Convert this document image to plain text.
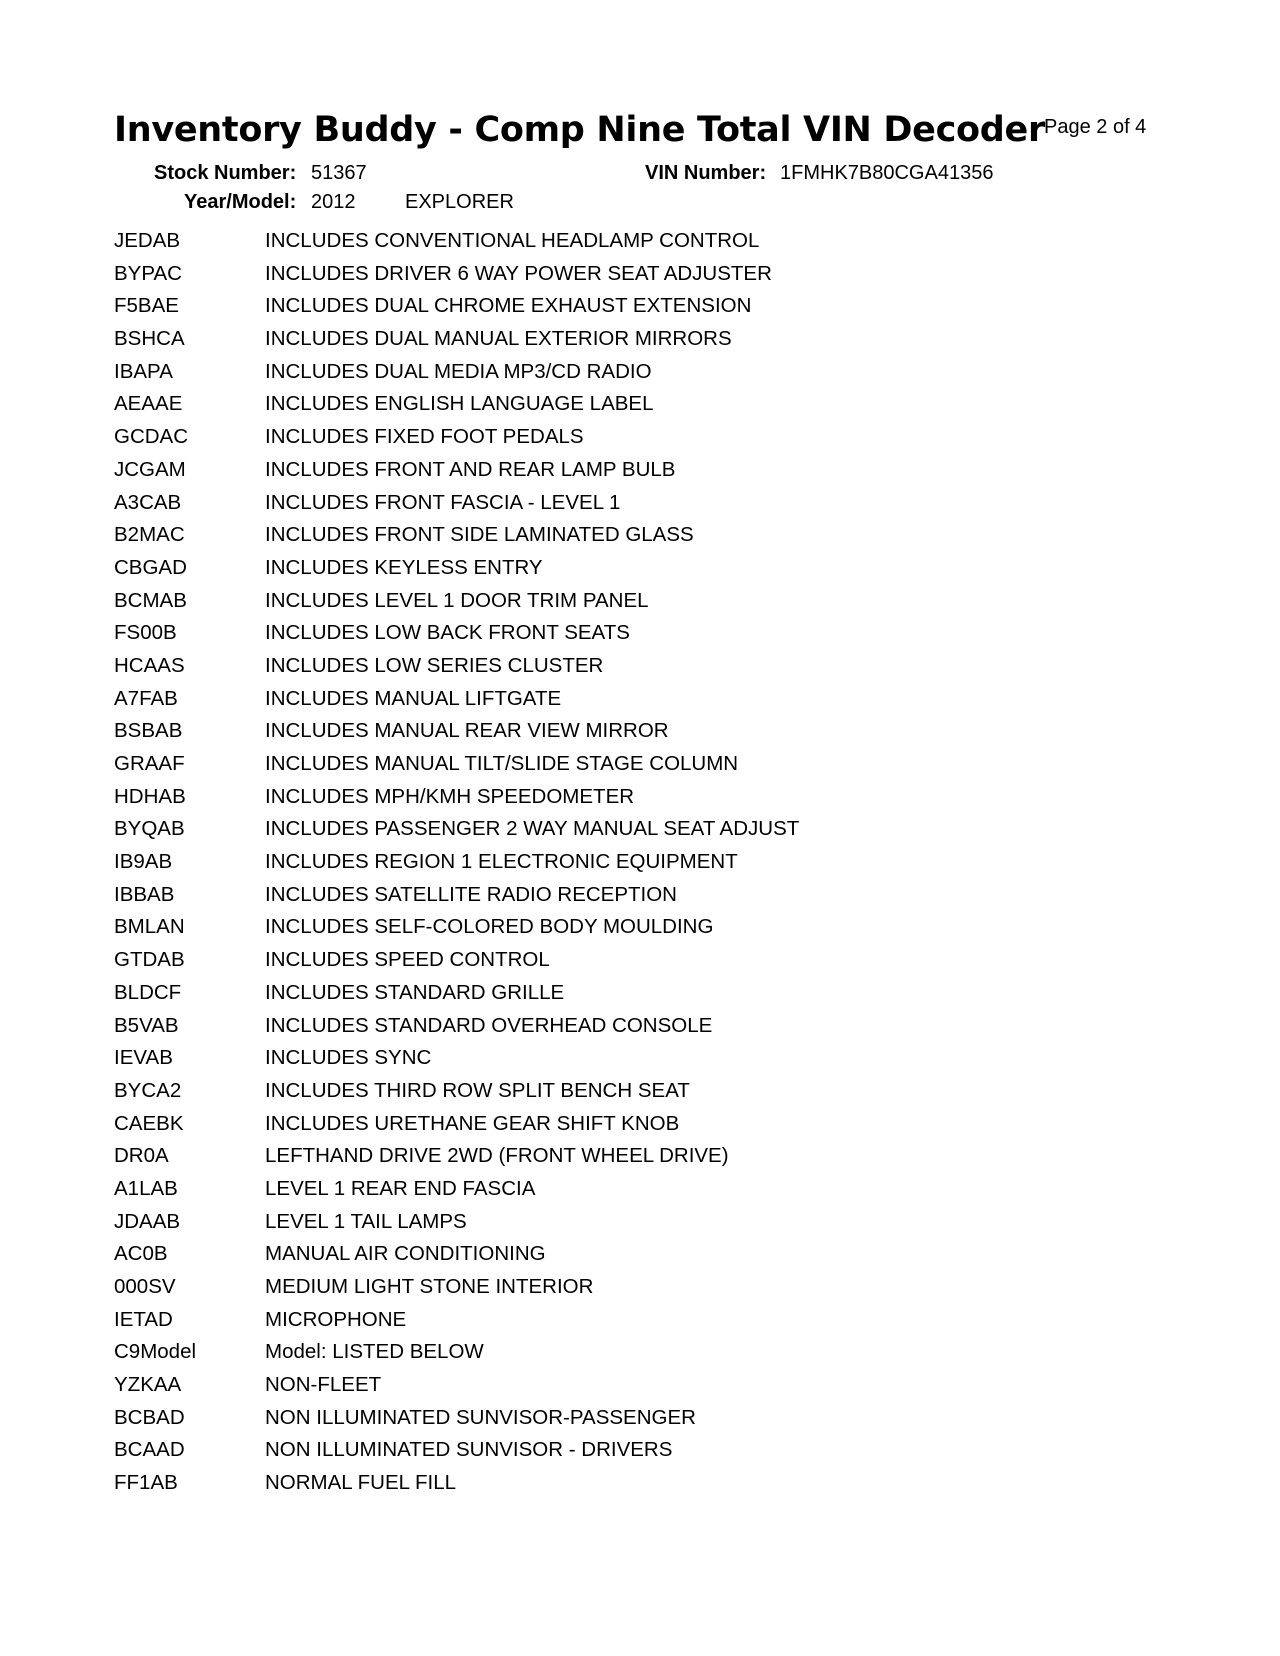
Inventory Buddy - Comp Nine Total VIN Decoder Page 2 of 4
Stock Number: 51367	VIN Number: 1FMHK7B80CGA41356
Year/Model: 2012 EXPLORER
JEDAB	INCLUDES CONVENTIONAL HEADLAMP CONTROL
BYPAC	INCLUDES DRIVER 6 WAY POWER SEAT ADJUSTER
F5BAE	INCLUDES DUAL CHROME EXHAUST EXTENSION
BSHCA	INCLUDES DUAL MANUAL EXTERIOR MIRRORS
IBAPA	INCLUDES DUAL MEDIA MP3/CD RADIO
AEAAE	INCLUDES ENGLISH LANGUAGE LABEL
GCDAC	INCLUDES FIXED FOOT PEDALS
JCGAM	INCLUDES FRONT AND REAR LAMP BULB
A3CAB	INCLUDES FRONT FASCIA - LEVEL 1
B2MAC	INCLUDES FRONT SIDE LAMINATED GLASS
CBGAD	INCLUDES KEYLESS ENTRY
BCMAB	INCLUDES LEVEL 1 DOOR TRIM PANEL
FS00B	INCLUDES LOW BACK FRONT SEATS
HCAAS	INCLUDES LOW SERIES CLUSTER
A7FAB	INCLUDES MANUAL LIFTGATE
BSBAB	INCLUDES MANUAL REAR VIEW MIRROR
GRAAF	INCLUDES MANUAL TILT/SLIDE STAGE COLUMN
HDHAB	INCLUDES MPH/KMH SPEEDOMETER
BYQAB	INCLUDES PASSENGER 2 WAY MANUAL SEAT ADJUST
IB9AB	INCLUDES REGION 1 ELECTRONIC EQUIPMENT
IBBAB	INCLUDES SATELLITE RADIO RECEPTION
BMLAN	INCLUDES SELF-COLORED BODY MOULDING
GTDAB	INCLUDES SPEED CONTROL
BLDCF	INCLUDES STANDARD GRILLE
B5VAB	INCLUDES STANDARD OVERHEAD CONSOLE
IEVAB	INCLUDES SYNC
BYCA2	INCLUDES THIRD ROW SPLIT BENCH SEAT
CAEBK	INCLUDES URETHANE GEAR SHIFT KNOB
DR0A	LEFTHAND DRIVE 2WD (FRONT WHEEL DRIVE)
A1LAB	LEVEL 1 REAR END FASCIA
JDAAB	LEVEL 1 TAIL LAMPS
AC0B	MANUAL AIR CONDITIONING
000SV	MEDIUM LIGHT STONE INTERIOR
IETAD	MICROPHONE
C9Model	Model: LISTED BELOW
YZKAA	NON-FLEET
BCBAD	NON ILLUMINATED SUNVISOR-PASSENGER
BCAAD	NON ILLUMINATED SUNVISOR - DRIVERS
FF1AB	NORMAL FUEL FILL
